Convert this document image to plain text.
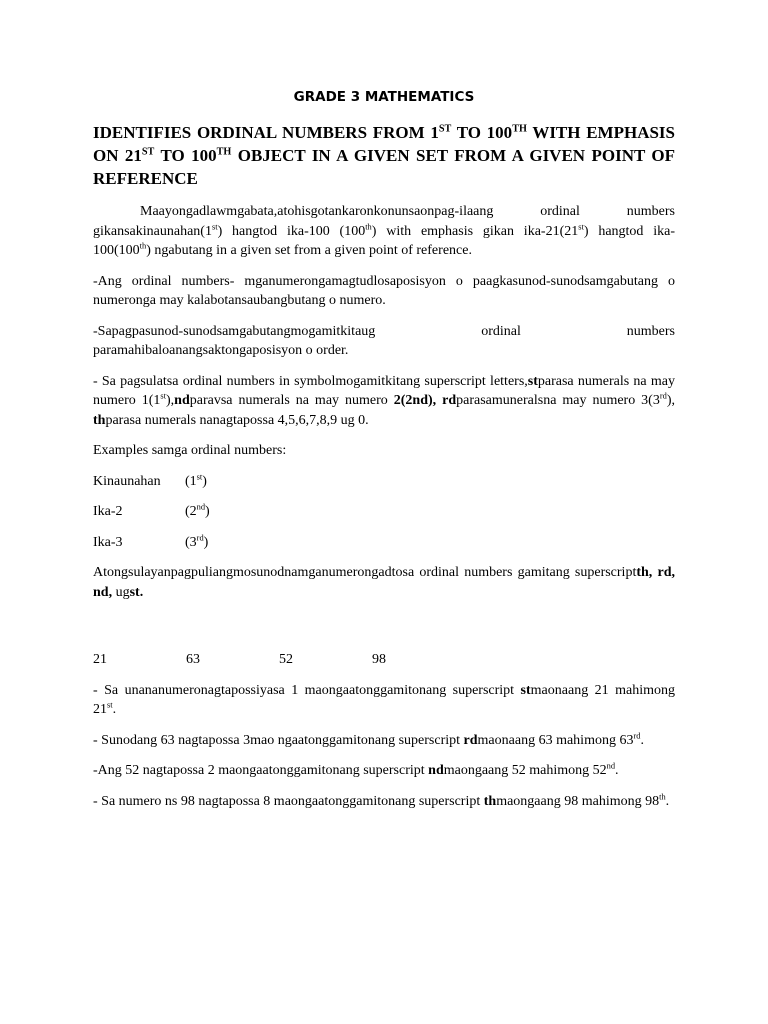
GRADE 3 MATHEMATICS

IDENTIFIES ORDINAL NUMBERS FROM 1ST TO 100TH WITH EMPHASIS ON 21ST TO 100TH OBJECT IN A GIVEN SET FROM A GIVEN POINT OF REFERENCE

Maayongadlawmgabata,atohisgotankaronkonunsaonpag-ilaang ordinal numbers gikansakinaunahan(1st) hangtod ika-100 (100th) with emphasis gikan ika-21(21st) hangtod ika-100(100th) ngabutang in a given set from a given point of reference.

-Ang ordinal numbers- mganumerongamagtudlosaposisyon o paagkasunod-sunodsamgabutang o numeronga may kalabotansaubangbutang o numero.

-Sapagpasunod-sunodsamgabutangmogamitkitaug ordinal numbers paramahibaloanangsaktongaposisyon o order.

- Sa pagsulatsa ordinal numbers in symbolmogamitkitang superscript letters,stparasa numerals na may numero 1(1st),ndparavsa numerals na may numero 2(2nd), rdparasamuneralsna may numero 3(3rd), thparasa numerals nanagtapossa 4,5,6,7,8,9 ug 0.

Examples samga ordinal numbers:

Kinaunahan	(1st)
Ika-2	(2nd)
Ika-3	(3rd)

Atongsulayanpagpuliangmosunodnamganumerongadtosa ordinal numbers gamitang superscriptth, rd, nd, ugst.

21	63	52	98

- Sa unananumeronagtapossiyasa 1 maongaatonggamitonang superscript stmaonaang 21 mahimong 21st.

- Sunodang 63 nagtapossa 3mao ngaatonggamitonang superscript rdmaonaang 63 mahimong 63rd.

-Ang 52 nagtapossa 2 maongaatonggamitonang superscript ndmaongaang 52 mahimong 52nd.

- Sa numero ns 98 nagtapossa 8 maongaatonggamitonang superscript thmaongaang 98 mahimong 98th.
